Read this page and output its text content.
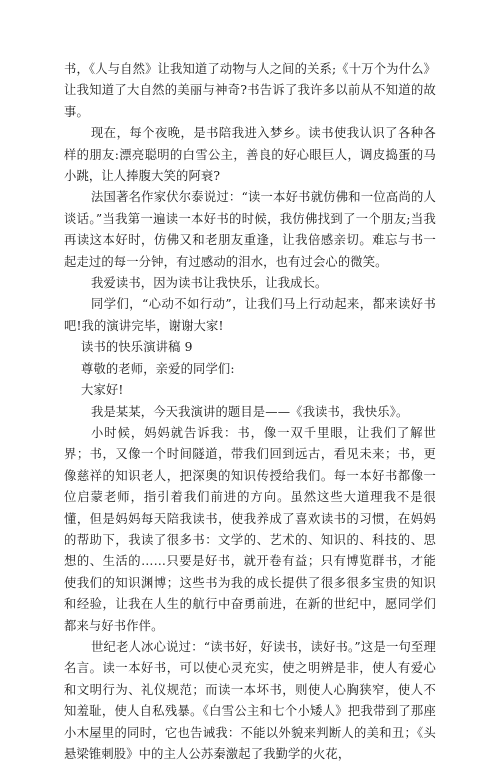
书，《人与自然》让我知道了动物与人之间的关系;《十万个为什么》让我知道了大自然的美丽与神奇?书告诉了我许多以前从不知道的故事。

现在，每个夜晚，是书陪我进入梦乡。读书使我认识了各种各样的朋友:漂亮聪明的白雪公主，善良的好心眼巨人，调皮捣蛋的马小跳，让人捧腹大笑的阿衰?

法国著名作家伏尔泰说过：“读一本好书就仿佛和一位高尚的人谈话。”当我第一遍读一本好书的时候，我仿佛找到了一个朋友;当我再读这本好时，仿佛又和老朋友重逢，让我倍感亲切。难忘与书一起走过的每一分钟，有过感动的泪水，也有过会心的微笑。

我爱读书，因为读书让我快乐，让我成长。

同学们，“心动不如行动”，让我们马上行动起来，都来读好书吧!我的演讲完毕，谢谢大家!

读书的快乐演讲稿 9

尊敬的老师，亲爱的同学们:

大家好!

我是某某，今天我演讲的题目是——《我读书，我快乐》。

小时候，妈妈就告诉我：书，像一双千里眼，让我们了解世界；书，又像一个时间隧道，带我们回到远古，看见未来；书，更像慈祥的知识老人，把深奥的知识传授给我们。每一本好书都像一位启蒙老师，指引着我们前进的方向。虽然这些大道理我不是很懂，但是妈妈每天陪我读书，使我养成了喜欢读书的习惯，在妈妈的帮助下，我读了很多书：文学的、艺术的、知识的、科技的、思想的、生活的……只要是好书，就开卷有益；只有博览群书，才能使我们的知识渊博；这些书为我的成长提供了很多很多宝贵的知识和经验，让我在人生的航行中奋勇前进，在新的世纪中，愿同学们都来与好书作伴。

世纪老人冰心说过：“读书好，好读书，读好书。”这是一句至理名言。读一本好书，可以使心灵充实，使之明辨是非，使人有爱心和文明行为、礼仪规范；而读一本坏书，则使人心胸狭窄，使人不知羞耻，使人自私残暴。《白雪公主和七个小矮人》把我带到了那座小木屋里的同时，它也告诫我：不能以外貌来判断人的美和丑；《头悬梁锥刺股》中的主人公苏秦激起了我勤学的火花，
